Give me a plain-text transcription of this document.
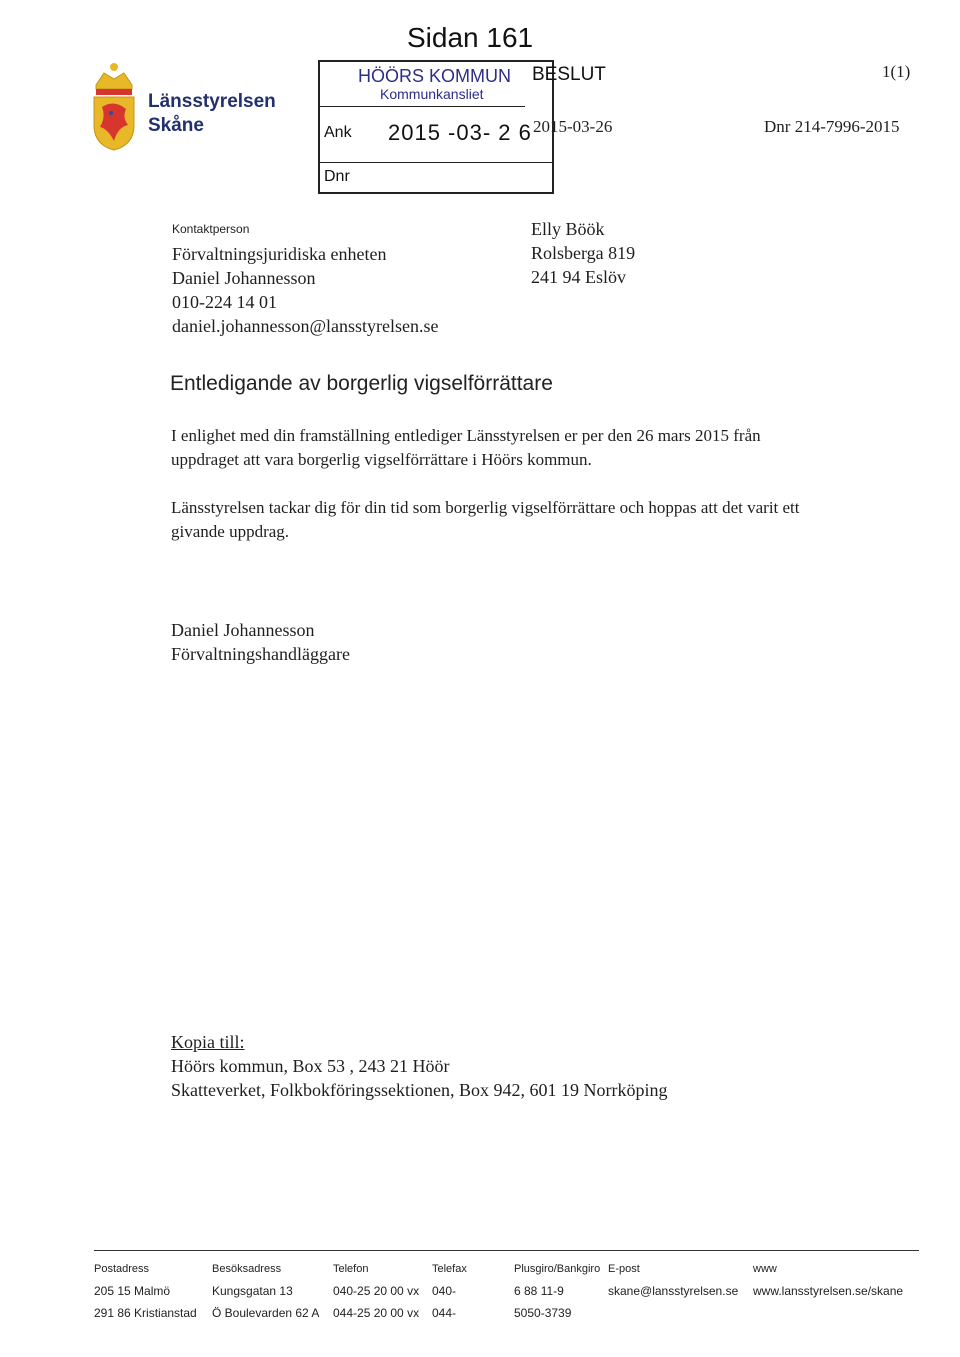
Länsstyrelsen
Skåne
Sidan 161
HÖÖRS KOMMUN
Kommunkansliet
Ank 2015 -03- 2 6
Dnr
BESLUT	1(1)
2015-03-26	Dnr 214-7996-2015
Kontaktperson
Förvaltningsjuridiska enheten
Daniel Johannesson
010-224 14 01
daniel.johannesson@lansstyrelsen.se
Elly Böök
Rolsberga 819
241 94 Eslöv
Entledigande av borgerlig vigselförrättare
I enlighet med din framställning entlediger Länsstyrelsen er per den 26 mars 2015 från uppdraget att vara borgerlig vigselförrättare i Höörs kommun.
Länsstyrelsen tackar dig för din tid som borgerlig vigselförrättare och hoppas att det varit ett givande uppdrag.
Daniel Johannesson
Förvaltningshandläggare
Kopia till:
Höörs kommun, Box 53 , 243 21 Höör
Skatteverket, Folkbokföringssektionen, Box 942, 601 19 Norrköping
Postadress
205 15 Malmö
291 86 Kristianstad
Besöksadress
Kungsgatan 13
Ö Boulevarden 62 A
Telefon
040-25 20 00 vx
044-25 20 00 vx
Telefax
040-
044-
Plusgiro/Bankgiro
6 88 11-9
5050-3739
E-post
skane@lansstyrelsen.se
www
www.lansstyrelsen.se/skane
